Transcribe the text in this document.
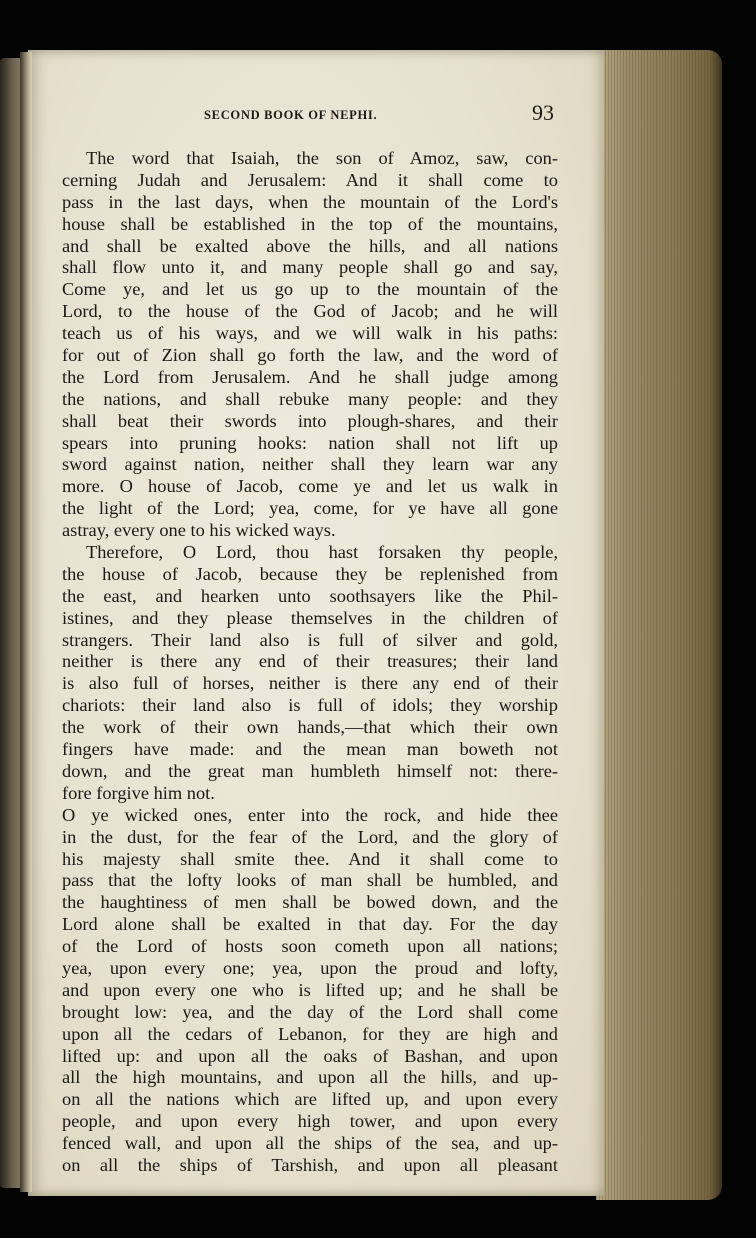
SECOND BOOK OF NEPHI.	93
The word that Isaiah, the son of Amoz, saw, con-
cerning Judah and Jerusalem: And it shall come to
pass in the last days, when the mountain of the Lord's
house shall be established in the top of the mountains,
and shall be exalted above the hills, and all nations
shall flow unto it, and many people shall go and say,
Come ye, and let us go up to the mountain of the
Lord, to the house of the God of Jacob; and he will
teach us of his ways, and we will walk in his paths:
for out of Zion shall go forth the law, and the word of
the Lord from Jerusalem. And he shall judge among
the nations, and shall rebuke many people: and they
shall beat their swords into plough-shares, and their
spears into pruning hooks: nation shall not lift up
sword against nation, neither shall they learn war any
more. O house of Jacob, come ye and let us walk in
the light of the Lord; yea, come, for ye have all gone
astray, every one to his wicked ways.
Therefore, O Lord, thou hast forsaken thy people,
the house of Jacob, because they be replenished from
the east, and hearken unto soothsayers like the Phil-
istines, and they please themselves in the children of
strangers. Their land also is full of silver and gold,
neither is there any end of their treasures; their land
is also full of horses, neither is there any end of their
chariots: their land also is full of idols; they worship
the work of their own hands,—that which their own
fingers have made: and the mean man boweth not
down, and the great man humbleth himself not: there-
fore forgive him not.
O ye wicked ones, enter into the rock, and hide thee
in the dust, for the fear of the Lord, and the glory of
his majesty shall smite thee. And it shall come to
pass that the lofty looks of man shall be humbled, and
the haughtiness of men shall be bowed down, and the
Lord alone shall be exalted in that day. For the day
of the Lord of hosts soon cometh upon all nations;
yea, upon every one; yea, upon the proud and lofty,
and upon every one who is lifted up; and he shall be
brought low: yea, and the day of the Lord shall come
upon all the cedars of Lebanon, for they are high and
lifted up: and upon all the oaks of Bashan, and upon
all the high mountains, and upon all the hills, and up-
on all the nations which are lifted up, and upon every
people, and upon every high tower, and upon every
fenced wall, and upon all the ships of the sea, and up-
on all the ships of Tarshish, and upon all pleasant
